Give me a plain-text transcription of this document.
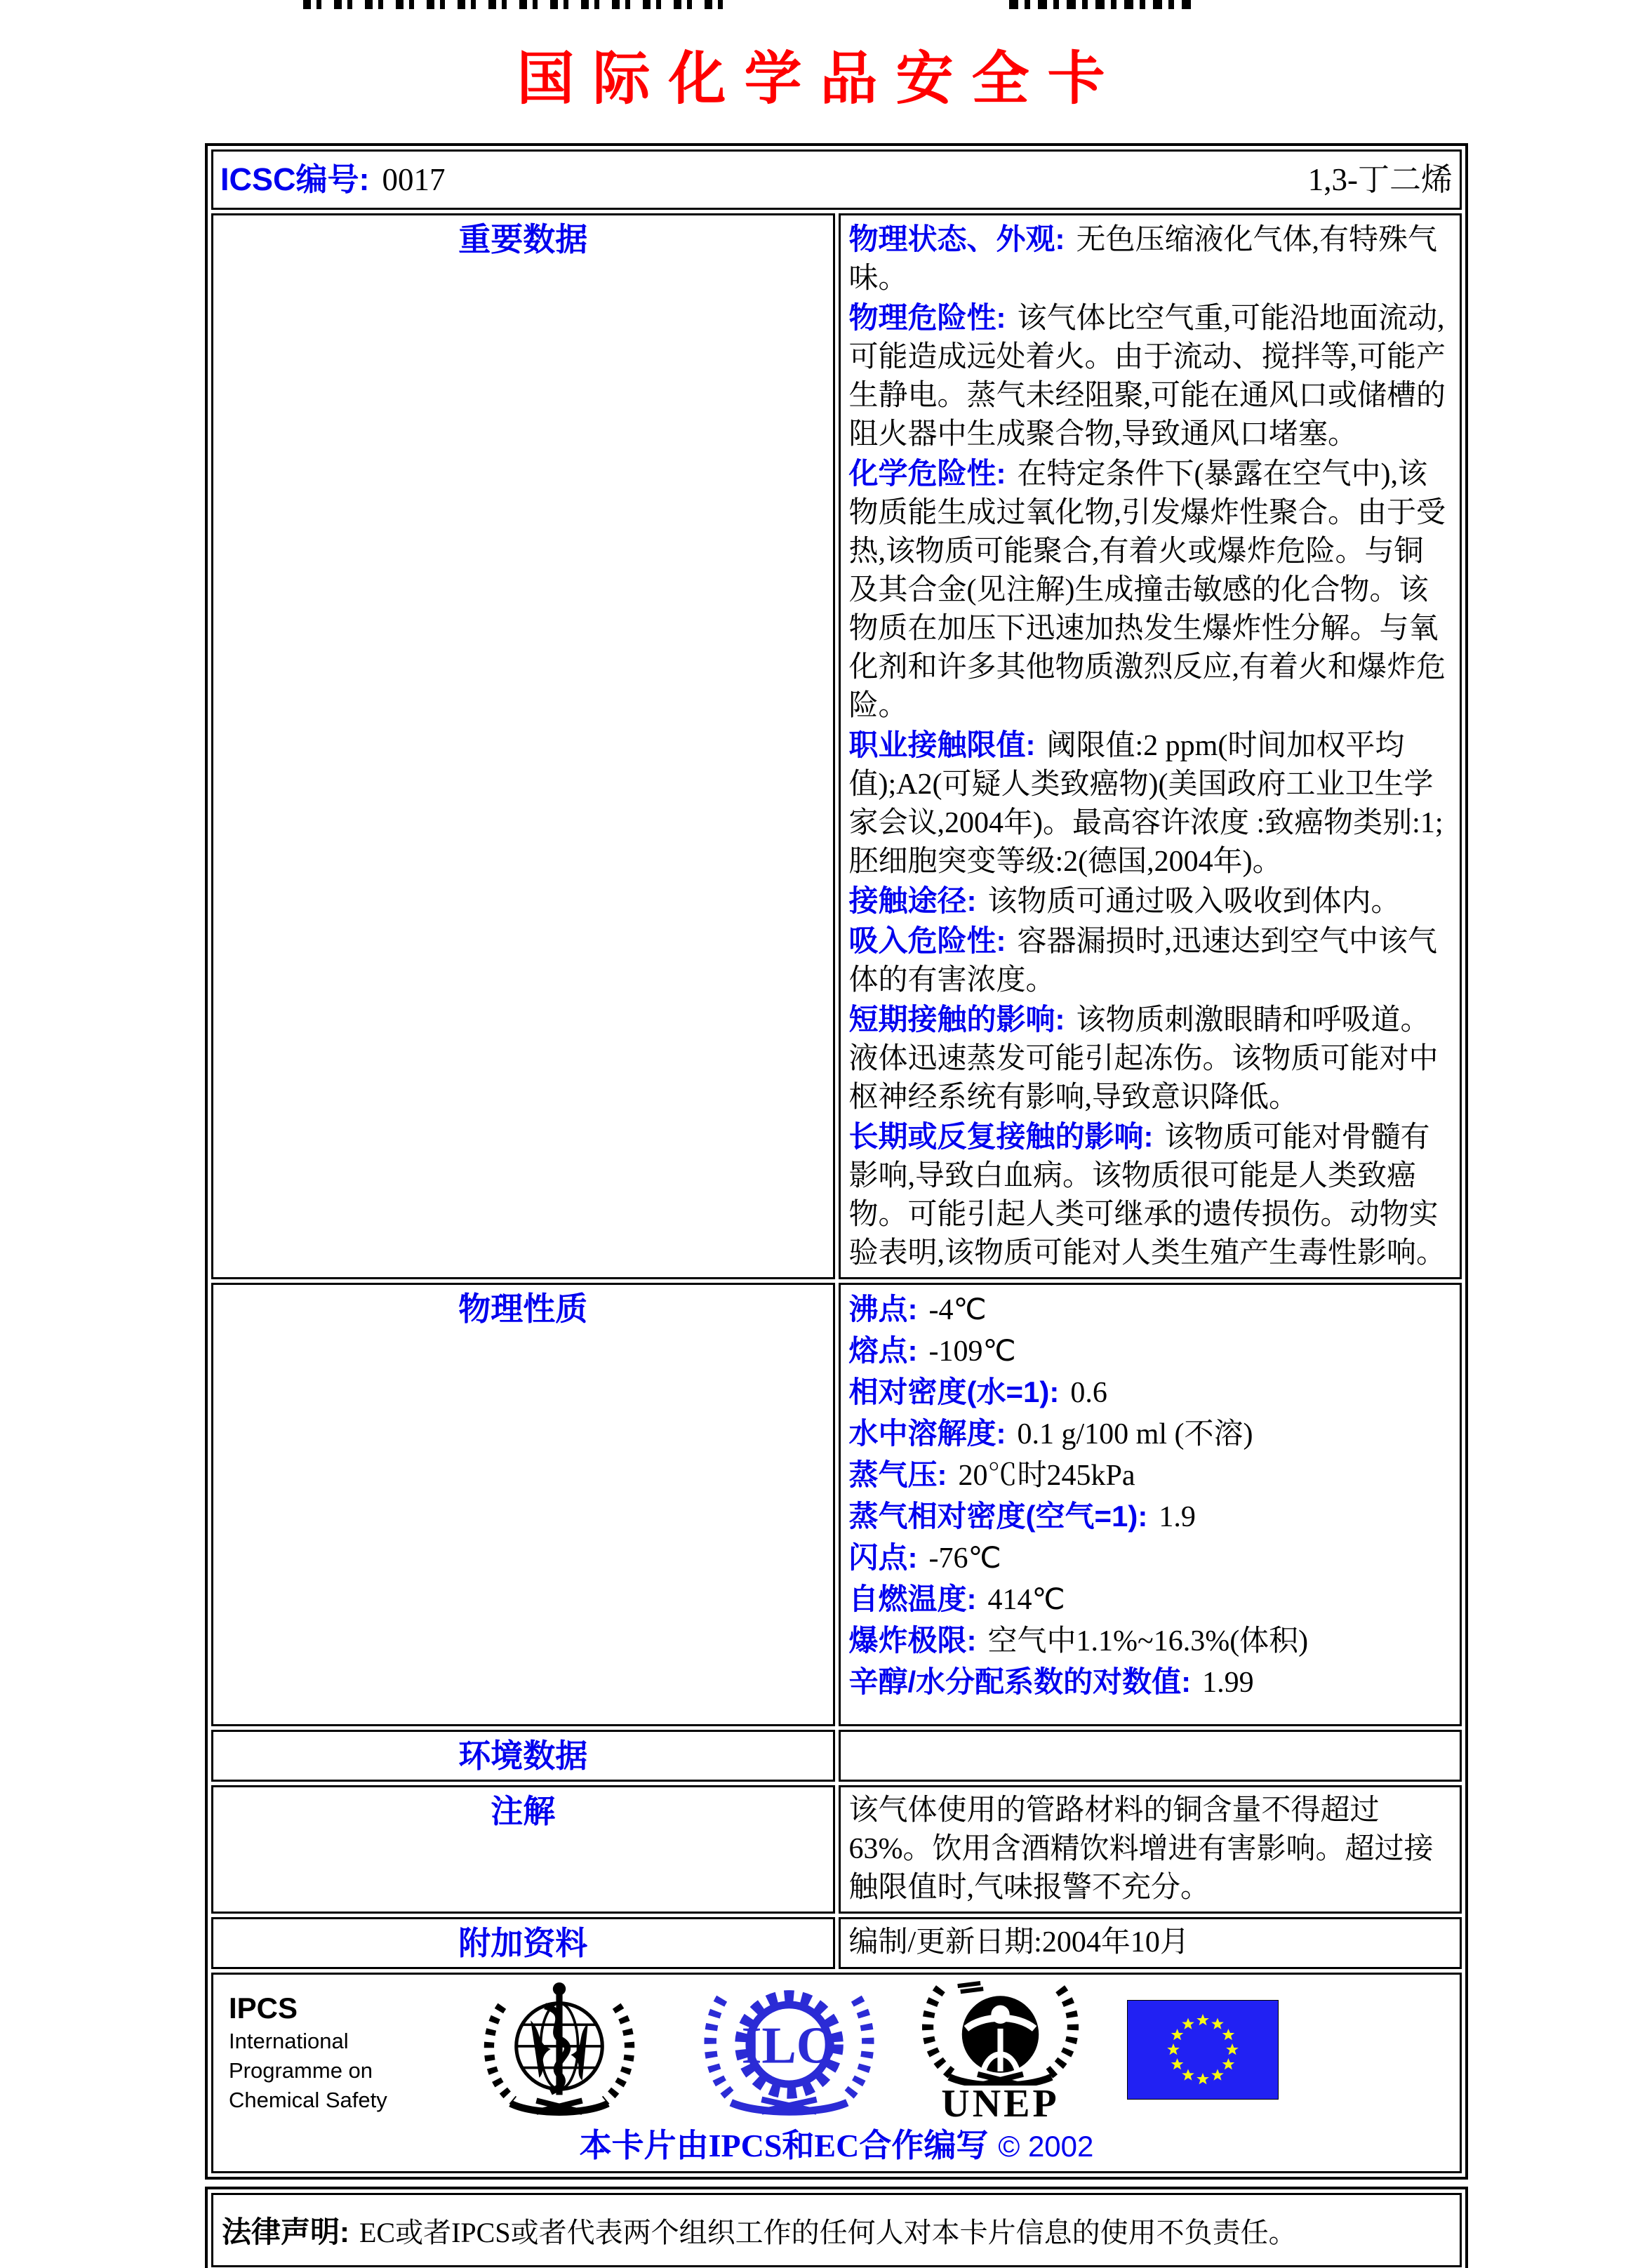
国际化学品安全卡
ICSC编号: 0017 1,3-丁二烯	

重要数据	物理状态、外观: 无色压缩液化气体,有特殊气味。
物理危险性: 该气体比空气重,可能沿地面流动,可能造成远处着火。由于流动、搅拌等,可能产生静电。蒸气未经阻聚,可能在通风口或储槽的阻火器中生成聚合物,导致通风口堵塞。
化学危险性: 在特定条件下(暴露在空气中),该物质能生成过氧化物,引发爆炸性聚合。由于受热,该物质可能聚合,有着火或爆炸危险。与铜及其合金(见注解)生成撞击敏感的化合物。该物质在加压下迅速加热发生爆炸性分解。与氧化剂和许多其他物质激烈反应,有着火和爆炸危险。
职业接触限值: 阈限值:2 ppm(时间加权平均值);A2(可疑人类致癌物)(美国政府工业卫生学家会议,2004年)。最高容许浓度 :致癌物类别:1;胚细胞突变等级:2(德国,2004年)。
接触途径: 该物质可通过吸入吸收到体内。
吸入危险性: 容器漏损时,迅速达到空气中该气体的有害浓度。
短期接触的影响: 该物质刺激眼睛和呼吸道。液体迅速蒸发可能引起冻伤。该物质可能对中枢神经系统有影响,导致意识降低。
长期或反复接触的影响: 该物质可能对骨髓有影响,导致白血病。该物质很可能是人类致癌物。可能引起人类可继承的遗传损伤。动物实验表明,该物质可能对人类生殖产生毒性影响。

物理性质	沸点: -4℃
熔点: -109℃
相对密度(水=1): 0.6
水中溶解度: 0.1 g/100 ml (不溶)
蒸气压: 20℃时245kPa
蒸气相对密度(空气=1): 1.9
闪点: -76℃
自燃温度: 414℃
爆炸极限: 空气中1.1%~16.3%(体积)
辛醇/水分配系数的对数值: 1.99

环境数据	
注解	该气体使用的管路材料的铜含量不得超过63%。饮用含酒精饮料增进有害影响。超过接触限值时,气味报警不充分。
附加资料	编制/更新日期:2004年10月

IPCS
International
Programme on
Chemical Safety
ILO
UNEP
本卡片由IPCS和EC合作编写 © 2002
法律声明: EC或者IPCS或者代表两个组织工作的任何人对本卡片信息的使用不负责任。
